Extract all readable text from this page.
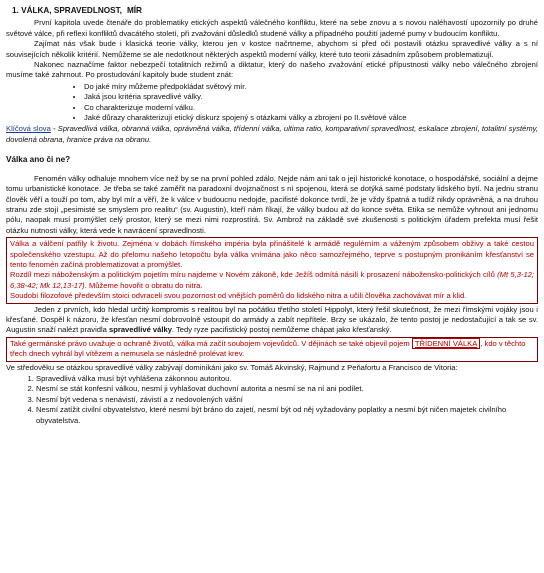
1. VÁLKA, SPRAVEDLNOST, MÍR

První kapitola uvede čtenáře do problematiky etických aspektů válečného konfliktu, které na sebe znovu a s novou naléhavostí upozornily po druhé světové válce, při reflexi konfliktů dvacátého století, při zvažování důsledků studené války a případného použití jaderné pumy v budoucím konfliktu.

Zajímat nás však bude i klasická teorie války, kterou jen v kostce načrtneme, abychom si před oči postavili otázku spravedlivé války a s ní souvisejících několik kritérií. Nemůžeme se ale nedotknout některých aspektů moderní války, které tuto teorii zásadním způsobem problematizují.

Nakonec naznačíme faktor nebezpečí totalitních režimů a diktatur, který do našeho zvažování etické přípustnosti války nebo válečného zbrojení musíme také zahrnout. Po prostudování kapitoly bude student znát:

• Do jaké míry můžeme předpokládat světový mír.
• Jaká jsou kritéria spravedlivé války.
• Co charakterizuje moderní válku.
• Jaké důrazy charakterizují etický diskurz spojený s otázkami války a zbrojení po II.světové válce

Klíčová slova - Spravedlivá válka, obranná válka, oprávněná válka, třídenní válka, ultima ratio, komparativní spravedlnost, eskalace zbrojení, totalitní systémy, dovolená obrana, hranice práva na obranu.

Válka ano či ne?

Fenomén války odhaluje mnohem více než by se na první pohled zdálo. Nejde nám ani tak o její historické konotace, o hospodářské, sociální a dejme tomu urbanistické konotace. Je třeba se také zaměřit na paradoxní dvojznačnost s ní spojenou, která se dotýká samé podstaty lidského bytí. Na jednu stranu člověk věří a touží po tom, aby byl mír a věří, že k válce v budoucnu nedojde, pacifisté dokonce tvrdí, že je vždy špatná a tudíž nikdy oprávněná, a na druhou stranu zde stojí „pesimisté se smyslem pro realitu“ (sv. Augustin), kteří nám říkají, že války budou až do konce světa. Etika se nemůže vyhnout ani jednomu pólu, naopak musí promýšlet celý prostor, který se mezi nimi rozprostírá. Sv. Ambrož na základě své zkušenosti s politickým úřadem prefekta musí řešit otázku nutnosti války, která vede k navrácení spravedlnosti.

Válka a válčení patřily k životu. Zejména v dobách římského impéria byla přinášitelé k armádě regulérním a váženým způsobem obživy a také cestou společenského vzestupu. Až do přelomu našeho letopočtu byla válka vnímána jako něco samozřejmého, teprve s postupným pronikáním křesťanství se tento fenomén začíná problematizovat a promýšlet.

Rozdíl mezi náboženským a politickým pojetím míru najdeme v Novém zákoně, kde Ježíš odmítá násilí k prosazení nábožensko-politických cílů (Mt 5,3-12; 6,38-42; Mk 12,13-17). Můžeme hovořit o obratu do nitra.

Soudobí filozofové především stoici odvraceli svou pozornost od vnějších poměrů do lidského nitra a učili člověka zachovávat mír a klid.

Jeden z prvních, kdo hledal určitý kompromis s realitou byl na počátku třetího století Hippolyt, který řešil skutečnost, že mezi římskými vojáky jsou i křesťané. Dospěl k názoru, že křesťan nesmí dobrovolně vstoupit do armády a zabít nepřítele. Brzy se ukázalo, že tento postoj je nedostačující a tak se sv. Augustin snaží nalézt pravidla spravedlivé války. Tedy ryze pacifistický postoj nemůžeme chápat jako křesťanský.

Také germánské právo uvažuje o ochraně životů, válka má začít soubojem vojevůdců. V dějinách se také objevil pojem TŘÍDENNÍ VÁLKA , kdo v těchto třech dnech vyhrál byl vítězem a nemusela se následně prolévat krev.

Ve středověku se otázkou spravedlivé války zabývají dominikáni jako sv. Tomáš Akvinský, Rajmund z Peňafortu a Francisco de Vitoria:

1. Spravedlivá válka musí být vyhlášena zákonnou autoritou.
2. Nesmí se stát konfesní válkou, nesmí ji vyhlašovat duchovní autorita a nesmí se na ní ani podílet.
3. Nesmí být vedena s nenávistí, závistí a z nedovolených vášní
4. Nesmí zatížit civilní obyvatelstvo, které nesmí být bráno do zajetí, nesmí být od něj vyžadovány poplatky a nesmí být ničen majetek civilního obyvatelstva.
